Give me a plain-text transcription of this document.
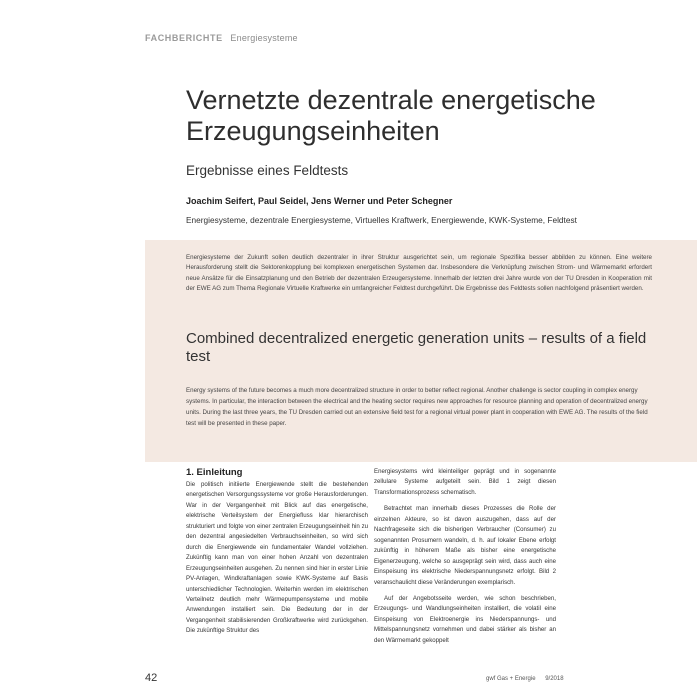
FACHBERICHTE Energiesysteme
Vernetzte dezentrale energetische Erzeugungseinheiten
Ergebnisse eines Feldtests
Joachim Seifert, Paul Seidel, Jens Werner und Peter Schegner
Energiesysteme, dezentrale Energiesysteme, Virtuelles Kraftwerk, Energiewende, KWK-Systeme, Feldtest

Energiesysteme der Zukunft sollen deutlich dezentraler in ihrer Struktur ausgerichtet sein, um regionale Spezifika besser abbilden zu können. Eine weitere Herausforderung stellt die Sektorenkopplung bei komplexen energetischen Systemen dar. Insbesondere die Verknüpfung zwischen Strom- und Wärmemarkt erfordert neue Ansätze für die Einsatzplanung und den Betrieb der dezentralen Erzeugersysteme. Innerhalb der letzten drei Jahre wurde von der TU Dresden in Kooperation mit der EWE AG zum Thema Regionale Virtuelle Kraftwerke ein umfangreicher Feldtest durchgeführt. Die Ergebnisse des Feldtests sollen nachfolgend präsentiert werden.

Combined decentralized energetic generation units – results of a field test

Energy systems of the future becomes a much more decentralized structure in order to better reflect regional. Another challenge is sector coupling in complex energy systems. In particular, the interaction between the electrical and the heating sector requires new approaches for resource planning and operation of decentralized energy units. During the last three years, the TU Dresden carried out an extensive field test for a regional virtual power plant in cooperation with EWE AG. The results of the field test will be presented in these paper.

1. Einleitung

Die politisch initiierte Energiewende stellt die bestehenden energetischen Versorgungssysteme vor große Herausforderungen. War in der Vergangenheit mit Blick auf das energetische, elektrische Verteilsystem der Energiefluss klar hierarchisch strukturiert und folgte von einer zentralen Erzeugungseinheit hin zu den dezentral angesiedelten Verbrauchseinheiten, so wird sich durch die Energiewende ein fundamentaler Wandel vollziehen. Zukünftig kann man von einer hohen Anzahl von dezentralen Erzeugungseinheiten ausgehen. Zu nennen sind hier in erster Linie PV-Anlagen, Windkraftanlagen sowie KWK-Systeme auf Basis unterschiedlicher Technologien. Weiterhin werden im elektrischen Verteilnetz deutlich mehr Wärmepumpensysteme und mobile Anwendungen installiert sein. Die Bedeutung der in der Vergangenheit stabilisierenden Großkraftwerke wird zurückgehen. Die zukünftige Struktur des

Energiesystems wird kleinteiliger geprägt und in sogenannte zellulare Systeme aufgeteilt sein. Bild 1 zeigt diesen Transformationsprozess schematisch.

Betrachtet man innerhalb dieses Prozesses die Rolle der einzelnen Akteure, so ist davon auszugehen, dass auf der Nachfrageseite sich die bisherigen Verbraucher (Consumer) zu sogenannten Prosumern wandeln, d. h. auf lokaler Ebene erfolgt zukünftig in höherem Maße als bisher eine energetische Eigenerzeugung, welche so ausgeprägt sein wird, dass auch eine Einspeisung ins elektrische Niederspannungsnetz erfolgt. Bild 2 veranschaulicht diese Veränderungen exemplarisch.

Auf der Angebotsseite werden, wie schon beschrieben, Erzeugungs- und Wandlungseinheiten installiert, die volatil eine Einspeisung von Elektroenergie ins Niederspannungs- und Mittelspannungsnetz vornehmen und dabei stärker als bisher an den Wärmemarkt gekoppelt

42	gwf Gas + Energie 9/2018
